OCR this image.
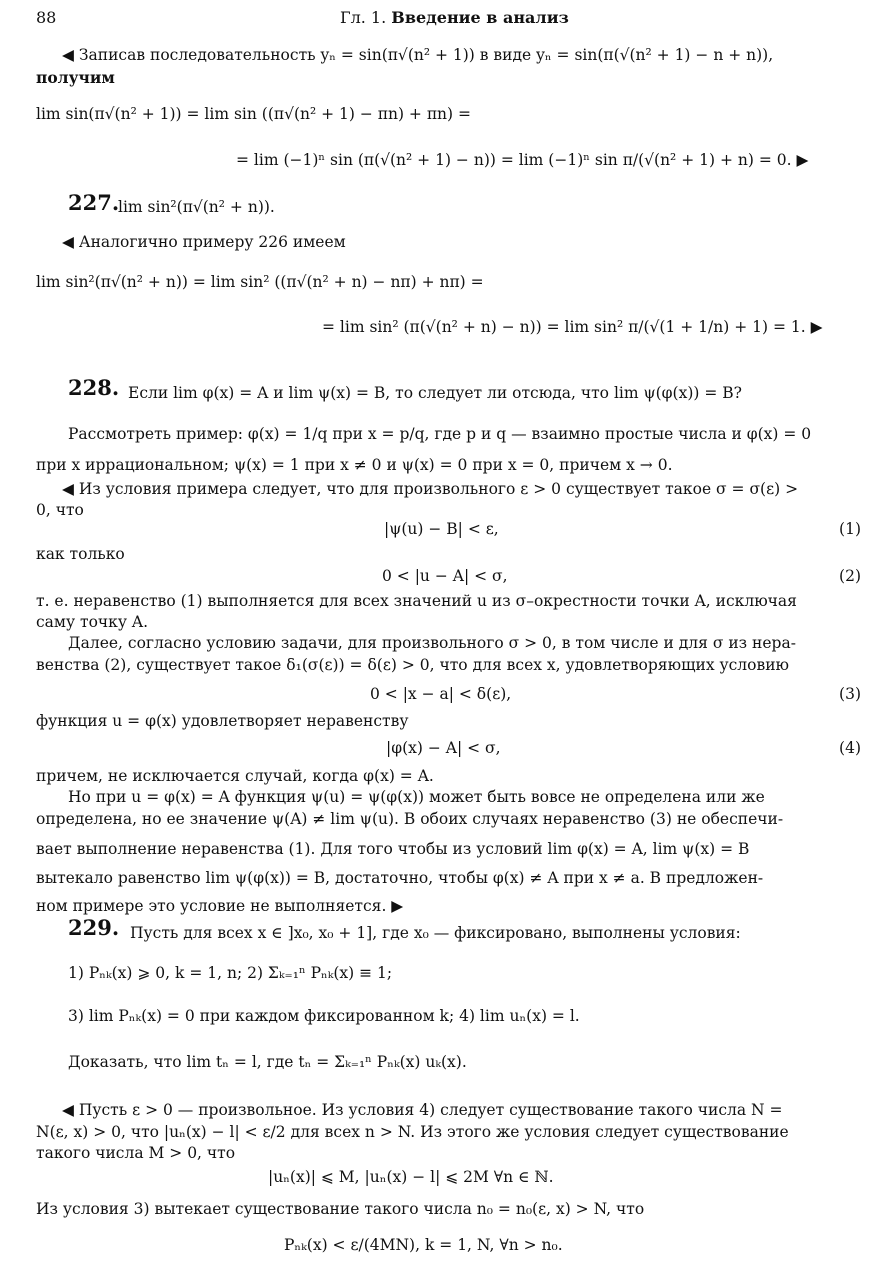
88	Гл. 1. Введение в анализ
227.
228.
229.
◀ Записав последовательность yₙ = sin(π√(n² + 1)) в виде yₙ = sin(π(√(n² + 1) − n + n)),
получим
lim sin(π√(n² + 1)) = lim sin ((π√(n² + 1) − πn) + πn) =
= lim (−1)ⁿ sin (π(√(n² + 1) − n)) = lim (−1)ⁿ sin π/(√(n² + 1) + n) = 0. ▶
lim sin²(π√(n² + n)).
◀ Аналогично примеру 226 имеем
lim sin²(π√(n² + n)) = lim sin² ((π√(n² + n) − nπ) + nπ) =
= lim sin² (π(√(n² + n) − n)) = lim sin² π/(√(1 + 1/n) + 1) = 1. ▶
Если lim φ(x) = A и lim ψ(x) = B, то следует ли отсюда, что lim ψ(φ(x)) = B?
Рассмотреть пример: φ(x) = 1/q при x = p/q, где p и q — взаимно простые числа и φ(x) = 0
при x иррациональном; ψ(x) = 1 при x ≠ 0 и ψ(x) = 0 при x = 0, причем x → 0.
◀ Из условия примера следует, что для произвольного ε > 0 существует такое σ = σ(ε) >
0, что
|ψ(u) − B| < ε,	(1)
как только
0 < |u − A| < σ,	(2)
т. е. неравенство (1) выполняется для всех значений u из σ–окрестности точки A, исключая
саму точку A.
Далее, согласно условию задачи, для произвольного σ > 0, в том числе и для σ из нера-
венства (2), существует такое δ₁(σ(ε)) = δ(ε) > 0, что для всех x, удовлетворяющих условию
0 < |x − a| < δ(ε),	(3)
функция u = φ(x) удовлетворяет неравенству
|φ(x) − A| < σ,	(4)
причем, не исключается случай, когда φ(x) = A.
Но при u = φ(x) = A функция ψ(u) = ψ(φ(x)) может быть вовсе не определена или же
определена, но ее значение ψ(A) ≠ lim ψ(u). В обоих случаях неравенство (3) не обеспечи-
вает выполнение неравенства (1). Для того чтобы из условий lim φ(x) = A, lim ψ(x) = B
вытекало равенство lim ψ(φ(x)) = B, достаточно, чтобы φ(x) ≠ A при x ≠ a. В предложен-
ном примере это условие не выполняется. ▶
Пусть для всех x ∈ ]x₀, x₀ + 1], где x₀ — фиксировано, выполнены условия:
1) Pₙₖ(x) ⩾ 0, k = 1, n; 2) Σₖ₌₁ⁿ Pₙₖ(x) ≡ 1;
3) lim Pₙₖ(x) = 0 при каждом фиксированном k; 4) lim uₙ(x) = l.
Доказать, что lim tₙ = l, где tₙ = Σₖ₌₁ⁿ Pₙₖ(x) uₖ(x).
◀ Пусть ε > 0 — произвольное. Из условия 4) следует существование такого числа N =
N(ε, x) > 0, что |uₙ(x) − l| < ε/2 для всех n > N. Из этого же условия следует существование
такого числа M > 0, что
|uₙ(x)| ⩽ M, |uₙ(x) − l| ⩽ 2M ∀n ∈ ℕ.
Из условия 3) вытекает существование такого числа n₀ = n₀(ε, x) > N, что
Pₙₖ(x) < ε/(4MN), k = 1, N, ∀n > n₀.
